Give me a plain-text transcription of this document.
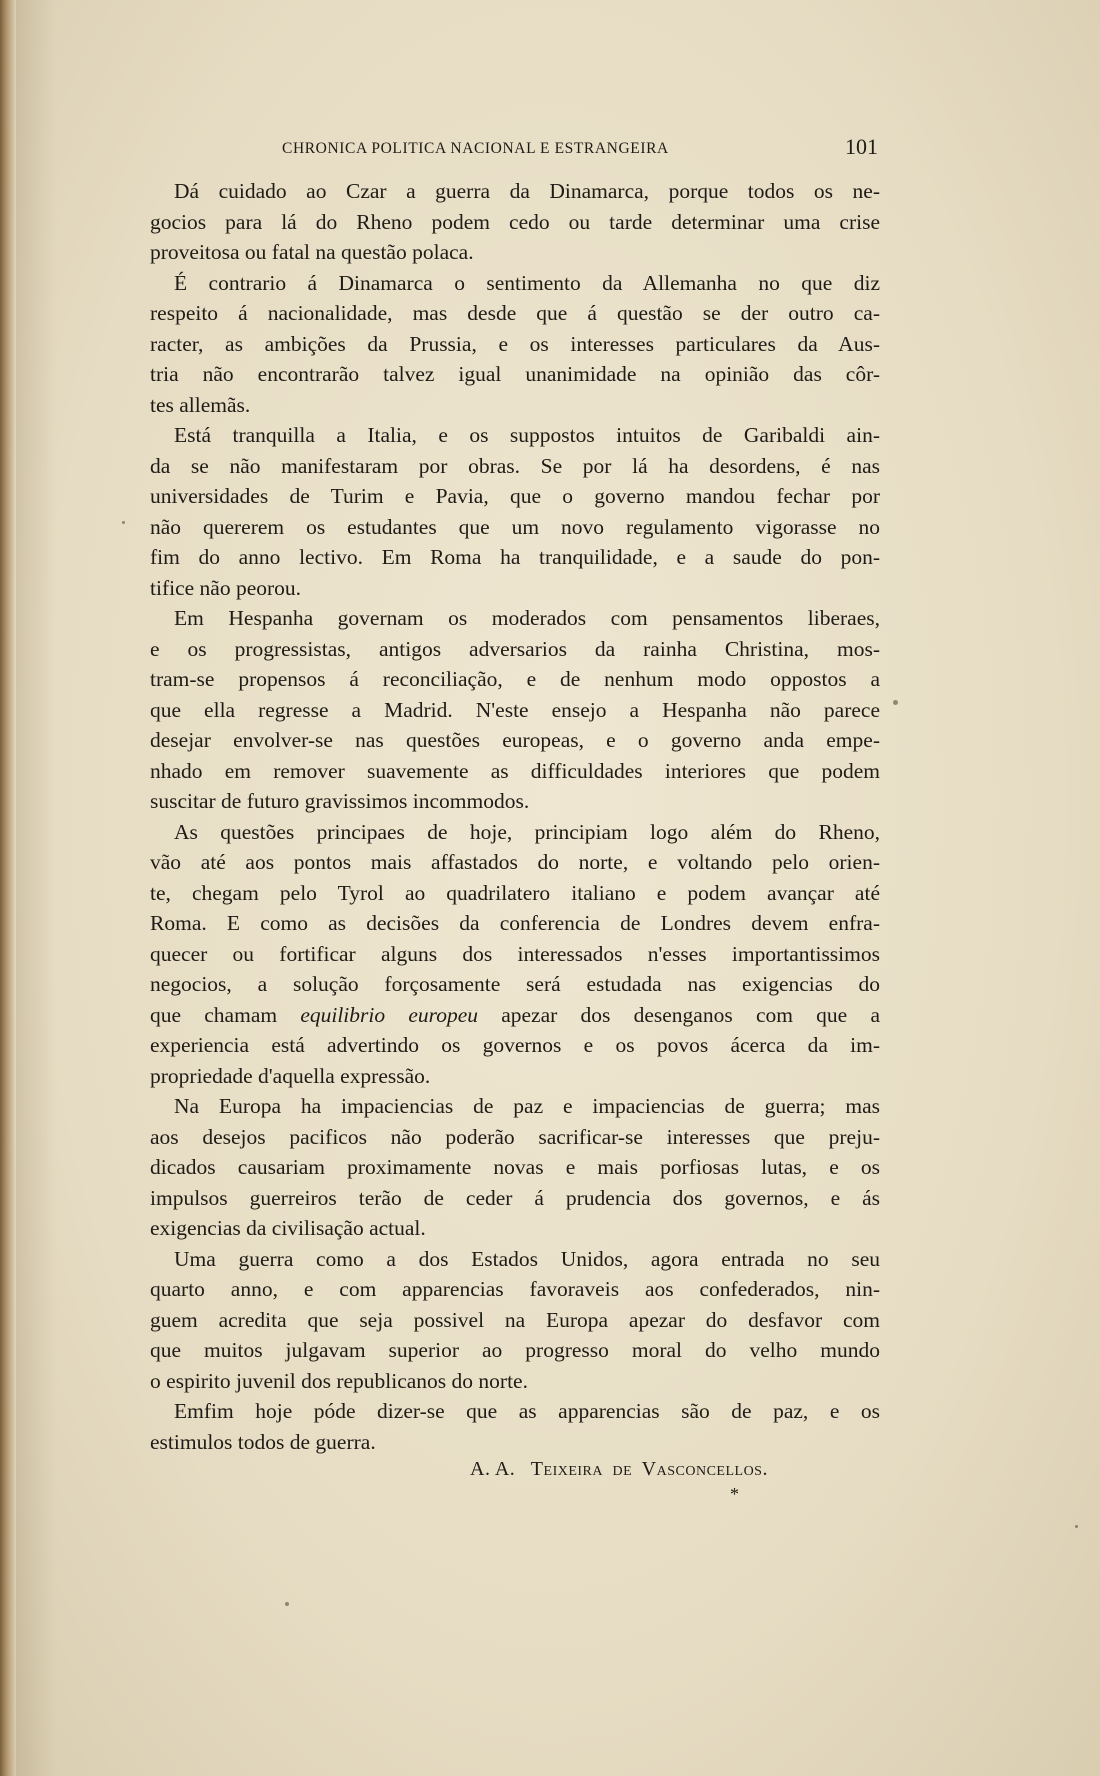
CHRONICA POLITICA NACIONAL E ESTRANGEIRA	101
Dá cuidado ao Czar a guerra da Dinamarca, porque todos os ne-
gocios para lá do Rheno podem cedo ou tarde determinar uma crise
proveitosa ou fatal na questão polaca.
É contrario á Dinamarca o sentimento da Allemanha no que diz
respeito á nacionalidade, mas desde que á questão se der outro ca-
racter, as ambições da Prussia, e os interesses particulares da Aus-
tria não encontrarão talvez igual unanimidade na opinião das côr-
tes allemãs.
Está tranquilla a Italia, e os suppostos intuitos de Garibaldi ain-
da se não manifestaram por obras. Se por lá ha desordens, é nas
universidades de Turim e Pavia, que o governo mandou fechar por
não quererem os estudantes que um novo regulamento vigorasse no
fim do anno lectivo. Em Roma ha tranquilidade, e a saude do pon-
tifice não peorou.
Em Hespanha governam os moderados com pensamentos liberaes,
e os progressistas, antigos adversarios da rainha Christina, mos-
tram-se propensos á reconciliação, e de nenhum modo oppostos a
que ella regresse a Madrid. N'este ensejo a Hespanha não parece
desejar envolver-se nas questões europeas, e o governo anda empe-
nhado em remover suavemente as difficuldades interiores que podem
suscitar de futuro gravissimos incommodos.
As questões principaes de hoje, principiam logo além do Rheno,
vão até aos pontos mais affastados do norte, e voltando pelo orien-
te, chegam pelo Tyrol ao quadrilatero italiano e podem avançar até
Roma. E como as decisões da conferencia de Londres devem enfra-
quecer ou fortificar alguns dos interessados n'esses importantissimos
negocios, a solução forçosamente será estudada nas exigencias do
que chamam equilibrio europeu apezar dos desenganos com que a
experiencia está advertindo os governos e os povos ácerca da im-
propriedade d'aquella expressão.
Na Europa ha impaciencias de paz e impaciencias de guerra; mas
aos desejos pacificos não poderão sacrificar-se interesses que preju-
dicados causariam proximamente novas e mais porfiosas lutas, e os
impulsos guerreiros terão de ceder á prudencia dos governos, e ás
exigencias da civilisação actual.
Uma guerra como a dos Estados Unidos, agora entrada no seu
quarto anno, e com apparencias favoraveis aos confederados, nin-
guem acredita que seja possivel na Europa apezar do desfavor com
que muitos julgavam superior ao progresso moral do velho mundo
o espirito juvenil dos republicanos do norte.
Emfim hoje póde dizer-se que as apparencias são de paz, e os
estimulos todos de guerra.
A. A. Teixeira de Vasconcellos.
*
